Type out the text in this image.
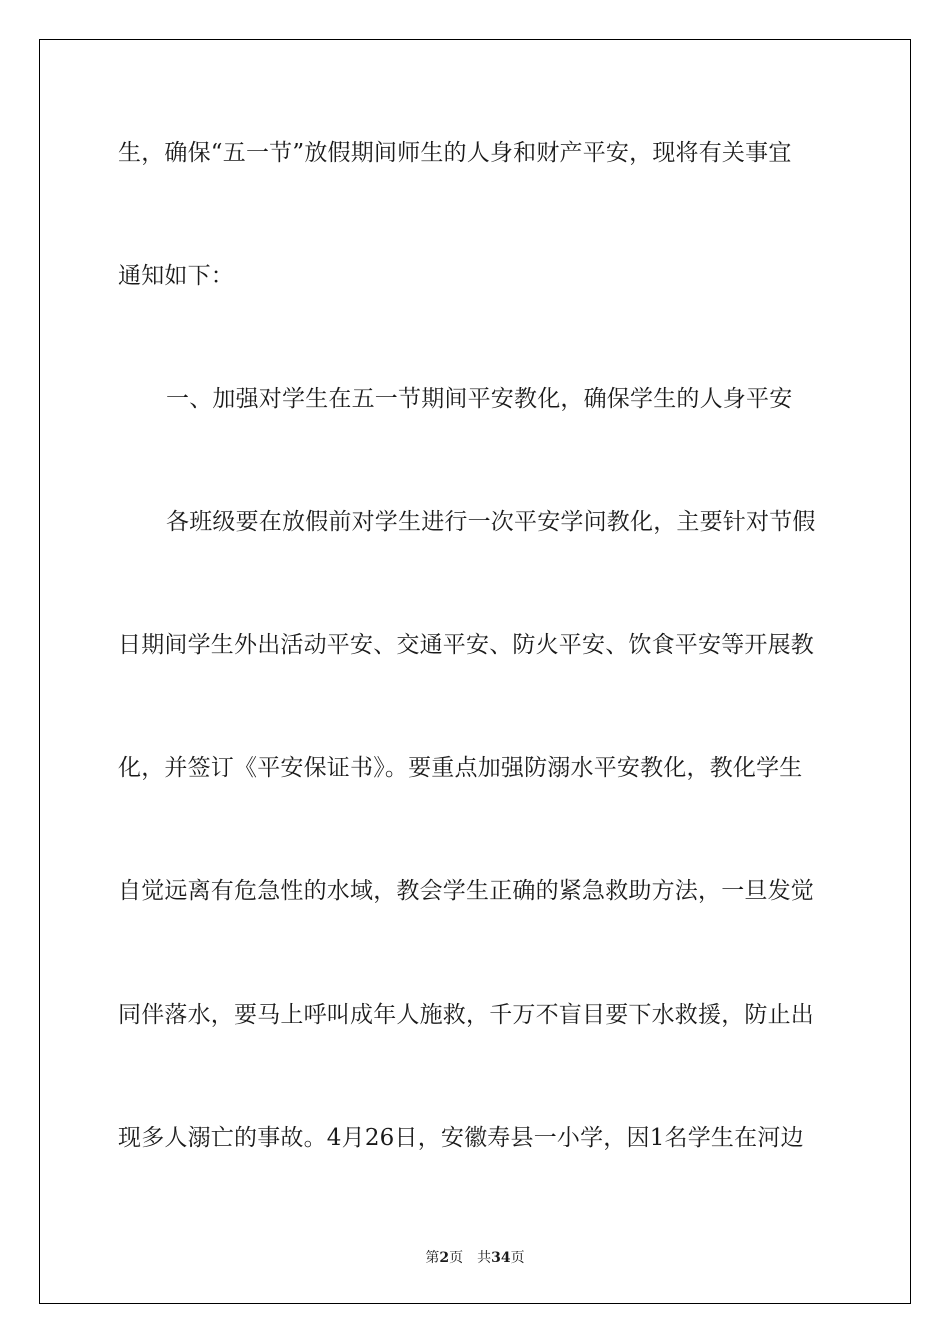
生，确保“五一节”放假期间师生的人身和财产平安，现将有关事宜
通知如下：
一、加强对学生在五一节期间平安教化，确保学生的人身平安
各班级要在放假前对学生进行一次平安学问教化，主要针对节假
日期间学生外出活动平安、交通平安、防火平安、饮食平安等开展教
化，并签订《平安保证书》。要重点加强防溺水平安教化，教化学生
自觉远离有危急性的水域，教会学生正确的紧急救助方法，一旦发觉
同伴落水，要马上呼叫成年人施救，千万不盲目要下水救援，防止出
现多人溺亡的事故。4月26日，安徽寿县一小学，因1名学生在河边
第2页 共34页
